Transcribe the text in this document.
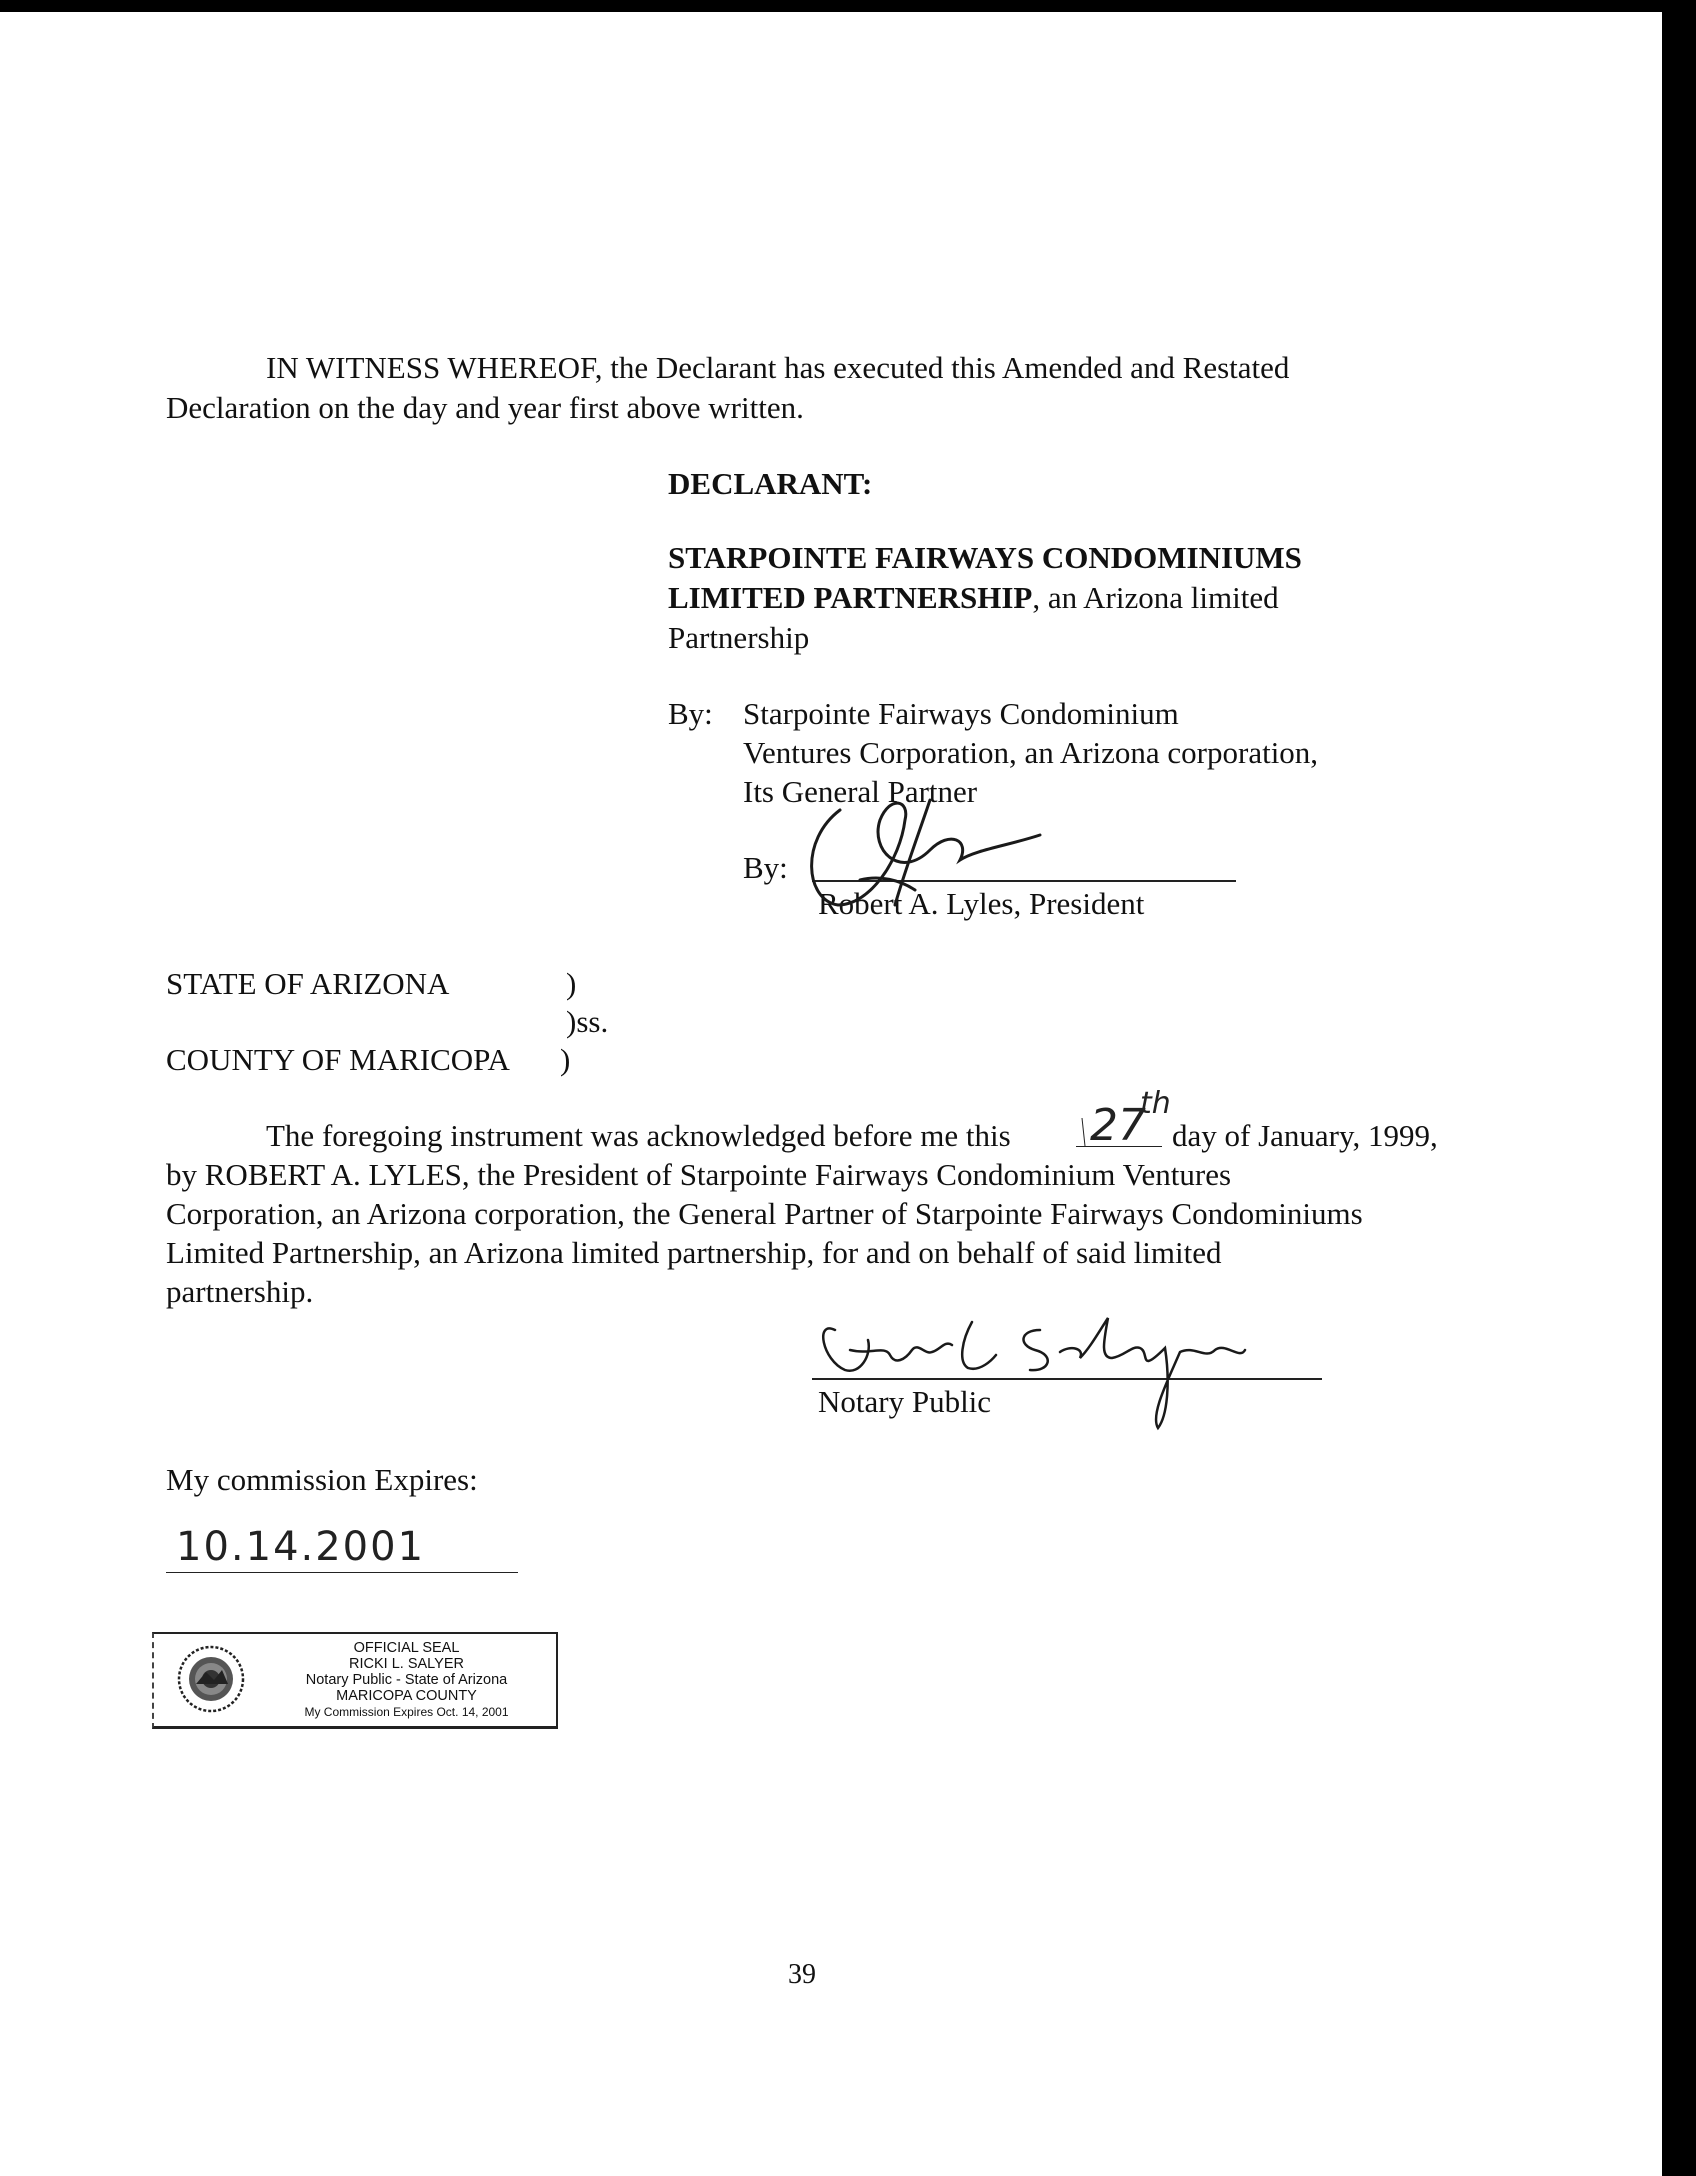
IN WITNESS WHEREOF, the Declarant has executed this Amended and Restated
Declaration on the day and year first above written.
DECLARANT:
STARPOINTE FAIRWAYS CONDOMINIUMS
LIMITED PARTNERSHIP, an Arizona limited
Partnership
By: Starpointe Fairways Condominium
Ventures Corporation, an Arizona corporation,
Its General Partner
By:
Robert A. Lyles, President
STATE OF ARIZONA	)
)ss.
COUNTY OF MARICOPA )
The foregoing instrument was acknowledged before me this 27
th
day of January, 1999,
by ROBERT A. LYLES, the President of Starpointe Fairways Condominium Ventures
Corporation, an Arizona corporation, the General Partner of Starpointe Fairways Condominiums
Limited Partnership, an Arizona limited partnership, for and on behalf of said limited
partnership.
Notary Public
My commission Expires:
10.14.2001
OFFICIAL SEAL
RICKI L. SALYER
Notary Public - State of Arizona
MARICOPA COUNTY
My Commission Expires Oct. 14, 2001
39
